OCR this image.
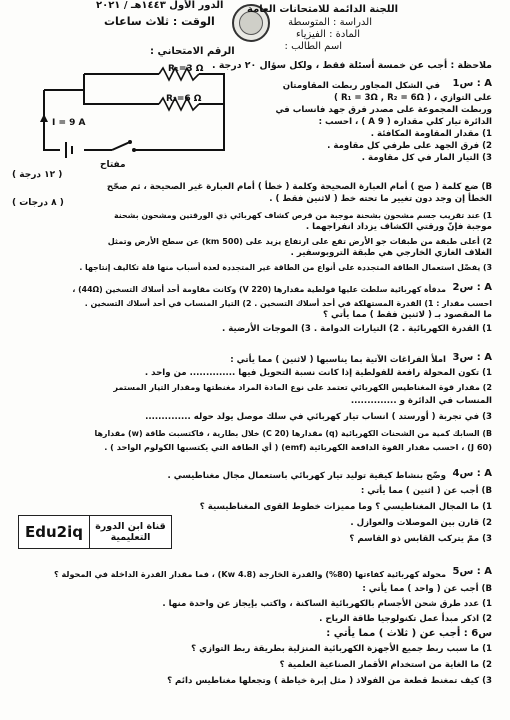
الدور الأول ١٤٤٣هـ / ٢٠٢١
الوقت : ثلاث ساعات
اللجنة الدائمة للامتحانات العامة
الدراسة : المتوسطة
المادة : الفيزياء
اسم الطالب :
الرقم الامتحاني :
ملاحظة : أجب عن خمسة أسئلة فقط ، ولكل سؤال ٢٠ درجة .
R₁=3 Ω
R₂=6 Ω
I = 9 A
مفتاح
س1 : A
في الشكل المجاور ربطت المقاومتان
على التوازي ، ( R₁ = 3Ω , R₂ = 6Ω )
وربطت المجموعة على مصدر فرق جهد فانساب في
الدائرة تيار كلي مقداره ( 9 A ) ، احسب :
1) مقدار المقاومة المكافئة .
2) فرق الجهد على طرفي كل مقاومة .
3) التيار المار في كل مقاومة .
( ١٢ درجة )
B) ضع كلمة ( صح ) أمام العبارة الصحيحة وكلمة ( خطأ ) أمام العبارة غير الصحيحة ، ثم صحّح
الخطأ إن وجد دون تغيير ما تحته خط ( لاثنين فقط ) .
( ٨ درجات )
1) عند تقريب جسم مشحون بشحنة موجبة من قرص كشاف كهربائي ذي الورقتين ومشحون بشحنة
موجبة فإنّ ورقتي الكشاف يزداد انفراجهما .
2) أعلى طبقة من طبقات جو الأرض تقع على ارتفاع يزيد على (500 km) عن سطح الأرض وتمثل
الغلاف الغازي الخارجي هي طبقة التروبوسفير .
3) يفضّل استعمال الطاقة المتجددة على أنواع من الطاقة غير المتجددة لعدة أسباب منها قلة تكاليف إنتاجها .
س2 : A
مدفأة كهربائية سلطت عليها فولطية مقدارها (220 V) وكانت مقاومة أحد أسلاك التسخين (44Ω) ،
احسب مقدار : 1) القدرة المستهلكة في أحد أسلاك التسخين . 2) التيار المنساب في أحد أسلاك التسخين .
ما المقصود بـ ( لاثنين فقط ) مما يأتي ؟
1) القدرة الكهربائية . 2) التيارات الدوامة . 3) الموجات الأرضية .
س3 : A
املأ الفراغات الآتية بما يناسبها ( لاثنين ) مما يأتي :
1) تكون المحولة رافعة للفولطية إذا كانت نسبة التحويل فيها .............. من واحد .
2) مقدار قوة المغناطيس الكهربائي تعتمد على نوع المادة المراد مغنطتها ومقدار التيار المستمر
المنساب في الدائرة و ..............
3) في تجربة ( أورستد ) انساب تيار كهربائي في سلك موصل يولد حوله ..............
B) السابك كمية من الشحنات الكهربائية (q) مقدارها (20 C) خلال بطارية ، فاكتسبت طاقة (w) مقدارها
(60 J) ، احسب مقدار القوة الدافعة الكهربائية (emf) ( أي الطاقة التي يكتسبها الكولوم الواحد ) .
س4 : A
وضّح بنشاط كيفية توليد تيار كهربائي باستعمال مجال مغناطيسي .
B) أجب عن ( اثنين ) مما يأتي :
1) ما المجال المغناطيسي ؟ وما مميزات خطوط القوى المغناطيسية ؟
2) قارن بين الموصلات والعوازل .
3) ممّ يتركب القابس ذو القاسم ؟
Edu2iq	قناة ابن الدورة
التعليمية
س5 : A
محولة كهربائية كفاءتها (80%) والقدرة الخارجة (4.8 Kw) ، فما مقدار القدرة الداخلة في المحولة ؟
B) أجب عن ( واحد ) مما يأتي :
1) عدد طرق شحن الأجسام بالكهربائية الساكنة ، واكتب بإيجاز عن واحدة منها .
2) اذكر مبدأ عمل تكنولوجيا طاقة الرياح .
س6 : أجب عن ( ثلاث ) مما يأتي :
1) ما سبب ربط جميع الأجهزة الكهربائية المنزلية بطريقة ربط التوازي ؟
2) ما الغاية من استخدام الأقمار الصناعية العلمية ؟
3) كيف تمغنط قطعة من الفولاذ ( مثل إبرة خياطة ) وتجعلها مغناطيس دائم ؟
